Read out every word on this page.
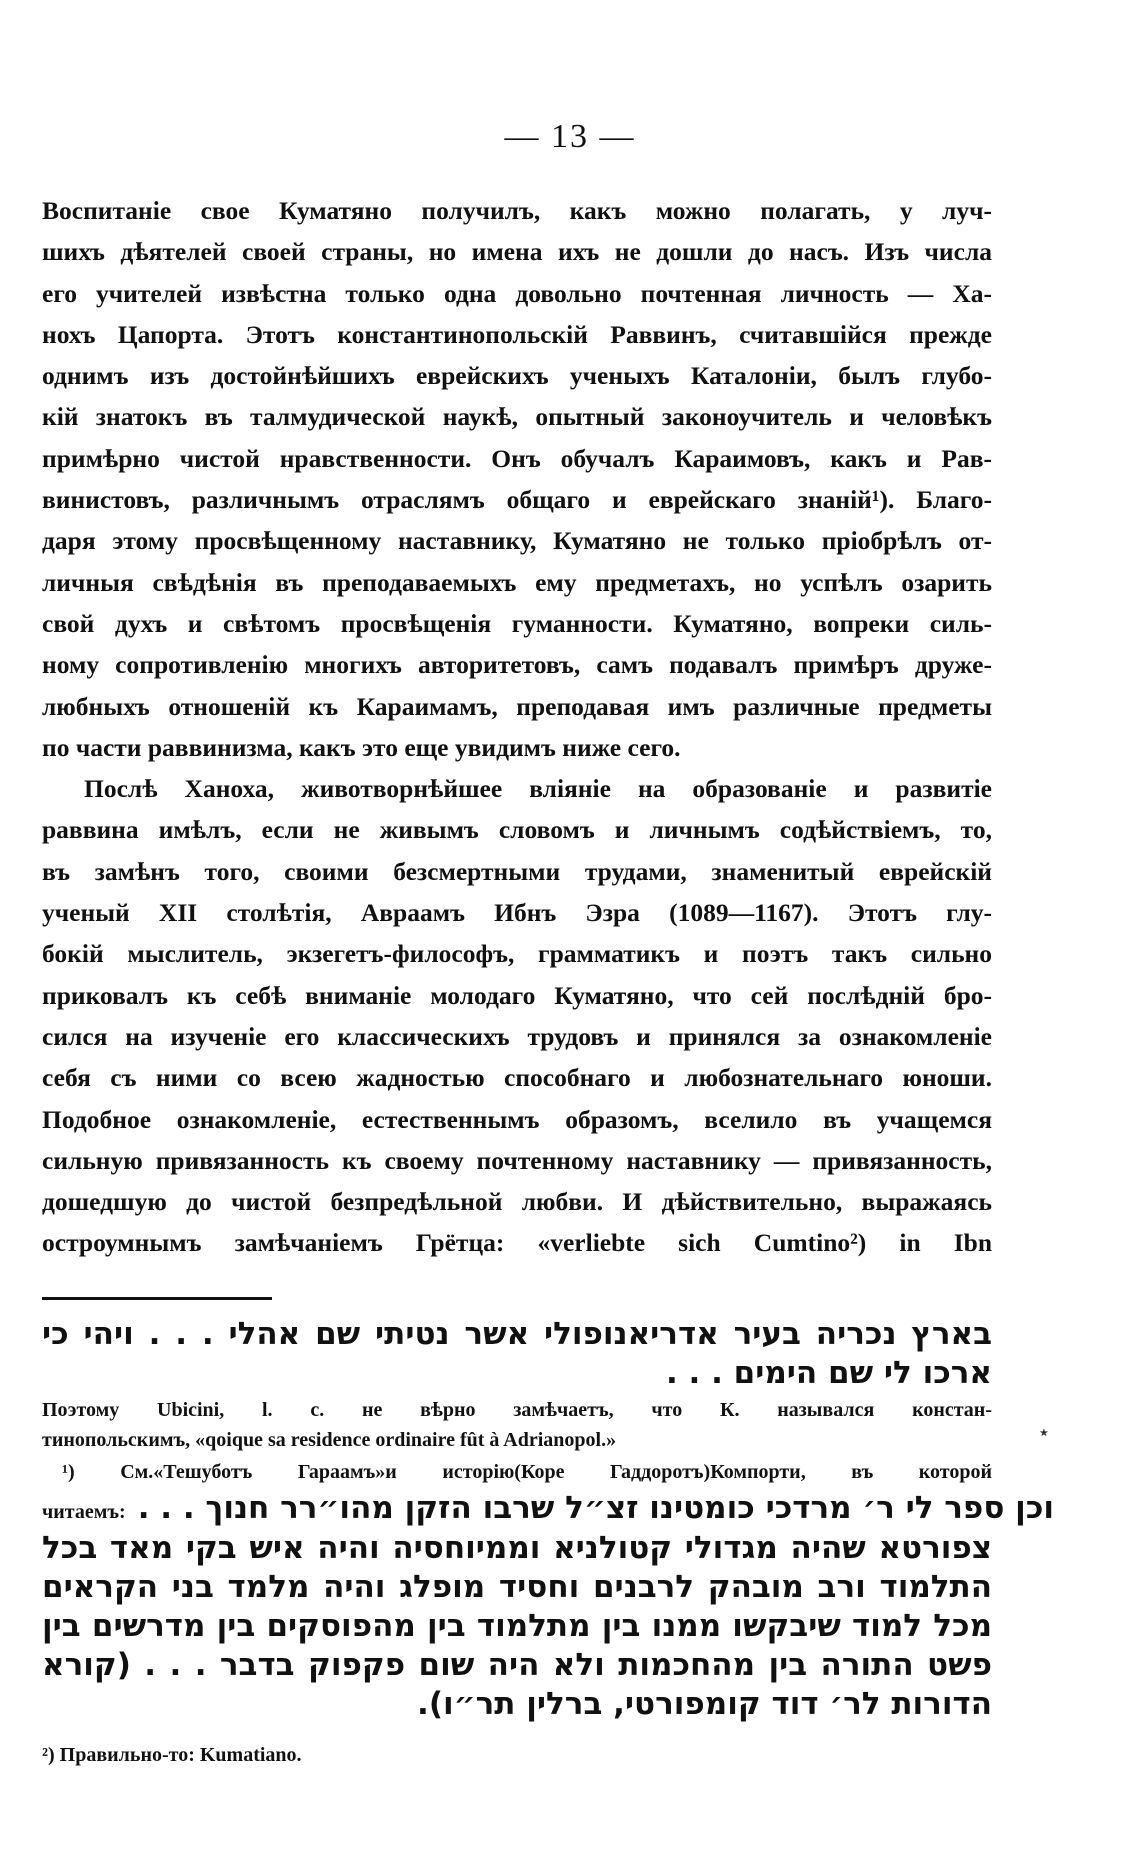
— 13 —
Воспитаніе свое Куматяно получилъ, какъ можно полагать, у луч-
шихъ дѣятелей своей страны, но имена ихъ не дошли до насъ. Изъ числа
его учителей извѣстна только одна довольно почтенная личность — Ха-
нохъ Цапорта. Этотъ константинопольскій Раввинъ, считавшійся прежде
однимъ изъ достойнѣйшихъ еврейскихъ ученыхъ Каталоніи, былъ глубо-
кій знатокъ въ талмудической наукѣ, опытный законоучитель и человѣкъ
примѣрно чистой нравственности. Онъ обучалъ Караимовъ, какъ и Рав-
винистовъ, различнымъ отраслямъ общаго и еврейскаго знаній¹). Благо-
даря этому просвѣщенному наставнику, Куматяно не только пріобрѣлъ от-
личныя свѣдѣнія въ преподаваемыхъ ему предметахъ, но успѣлъ озарить
свой духъ и свѣтомъ просвѣщенія гуманности. Куматяно, вопреки силь-
ному сопротивленію многихъ авторитетовъ, самъ подавалъ примѣръ друже-
любныхъ отношеній къ Караимамъ, преподавая имъ различные предметы
по части раввинизма, какъ это еще увидимъ ниже сего.
Послѣ Ханоха, животворнѣйшее вліяніе на образованіе и развитіе
раввина имѣлъ, если не живымъ словомъ и личнымъ содѣйствіемъ, то,
въ замѣнъ того, своими безсмертными трудами, знаменитый еврейскій
ученый XII столѣтія, Авраамъ Ибнъ Эзра (1089—1167). Этотъ глу-
бокій мыслитель, экзегетъ-философъ, грамматикъ и поэтъ такъ сильно
приковалъ къ себѣ вниманіе молодаго Куматяно, что сей послѣдній бро-
сился на изученіе его классическихъ трудовъ и принялся за ознакомленіе
себя съ ними со всею жадностью способнаго и любознательнаго юноши.
Подобное ознакомленіе, естественнымъ образомъ, вселило въ учащемся
сильную привязанность къ своему почтенному наставнику — привязанность,
дошедшую до чистой безпредѣльной любви. И дѣйствительно, выражаясь
остроумнымъ замѣчаніемъ Грётца: «verliebte sich Cumtino²) in Ibn
בארץ נכריה בעיר אדריאנופולי אשר נטיתי שם אהלי . . . ויהי כי
ארכו לי שם הימים . . .
Поэтому Ubicini, l. c. не вѣрно замѣчаетъ, что К. назывался констан-
тинопольскимъ, «qoique sa residence ordinaire fût à Adrianopol.»	٭
¹) См.«Тешуботъ Гараамъ»и исторію(Коре Гаддоротъ)Компорти, въ которой
читаемъ: וכן ספר לי ר׳ מרדכי כומטינו זצ״ל שרבו הזקן מהו״רר חנוך . . .
צפורטא שהיה מגדולי קטולניא וממיוחסיה והיה איש בקי מאד בכל
התלמוד ורב מובהק לרבנים וחסיד מופלג והיה מלמד בני הקראים
מכל למוד שיבקשו ממנו בין מתלמוד בין מהפוסקים בין מדרשים בין
פשט התורה בין מהחכמות ולא היה שום פקפוק בדבר . . . (קורא
הדורות לר׳ דוד קומפורטי, ברלין תר״ו).
²) Правильно-то: Kumatiano.
